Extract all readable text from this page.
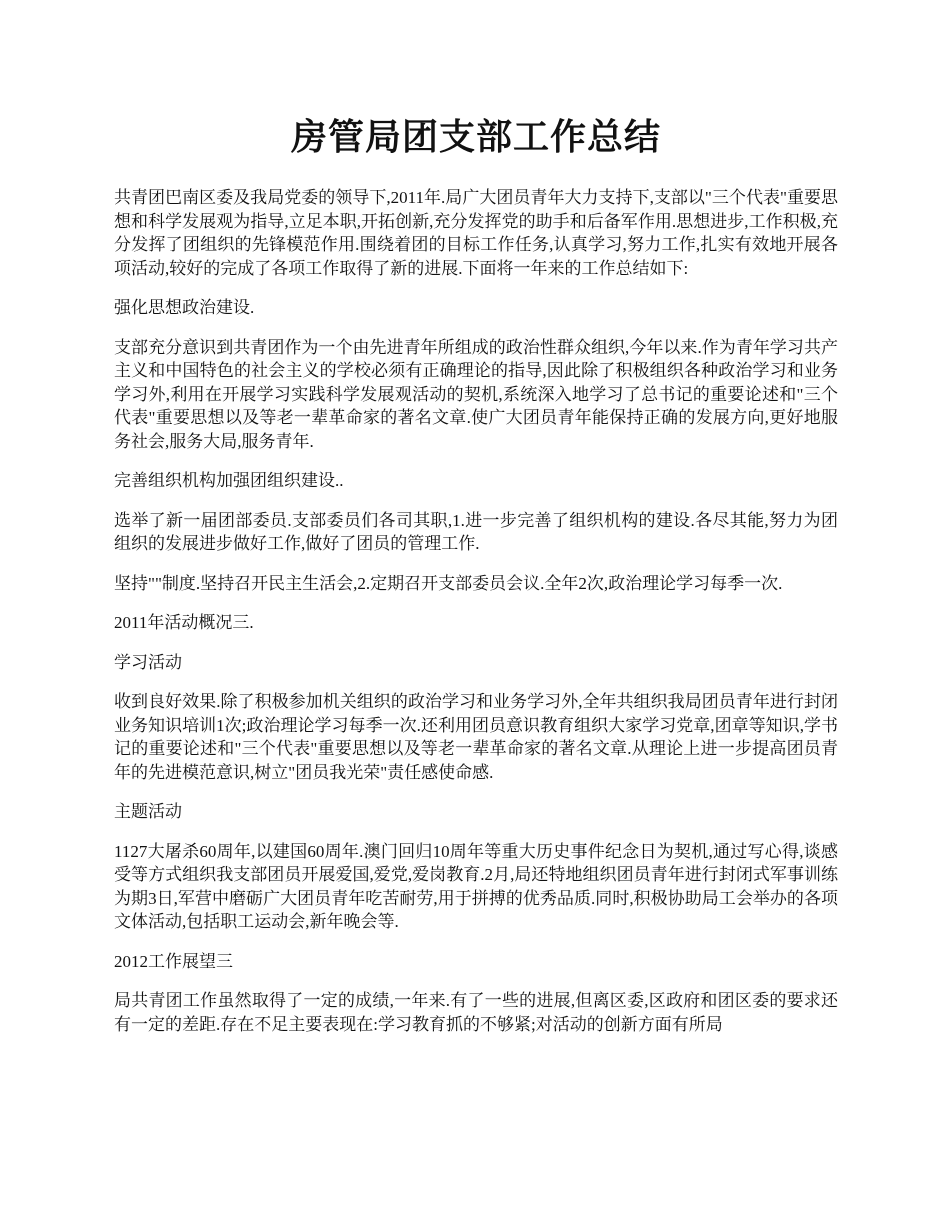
房管局团支部工作总结

共青团巴南区委及我局党委的领导下,2011年.局广大团员青年大力支持下,支部以"三个代表"重要思想和科学发展观为指导,立足本职,开拓创新,充分发挥党的助手和后备军作用.思想进步,工作积极,充分发挥了团组织的先锋模范作用.围绕着团的目标工作任务,认真学习,努力工作,扎实有效地开展各项活动,较好的完成了各项工作取得了新的进展.下面将一年来的工作总结如下:

强化思想政治建设.

支部充分意识到共青团作为一个由先进青年所组成的政治性群众组织,今年以来.作为青年学习共产主义和中国特色的社会主义的学校必须有正确理论的指导,因此除了积极组织各种政治学习和业务学习外,利用在开展学习实践科学发展观活动的契机,系统深入地学习了总书记的重要论述和"三个代表"重要思想以及等老一辈革命家的著名文章.使广大团员青年能保持正确的发展方向,更好地服务社会,服务大局,服务青年.

完善组织机构加强团组织建设..

选举了新一届团部委员.支部委员们各司其职,1.进一步完善了组织机构的建设.各尽其能,努力为团组织的发展进步做好工作,做好了团员的管理工作.

坚持""制度.坚持召开民主生活会,2.定期召开支部委员会议.全年2次,政治理论学习每季一次.

2011年活动概况三.

学习活动

收到良好效果.除了积极参加机关组织的政治学习和业务学习外,全年共组织我局团员青年进行封闭业务知识培训1次;政治理论学习每季一次.还利用团员意识教育组织大家学习党章,团章等知识,学书记的重要论述和"三个代表"重要思想以及等老一辈革命家的著名文章.从理论上进一步提高团员青年的先进模范意识,树立"团员我光荣"责任感使命感.

主题活动

1127大屠杀60周年,以建国60周年.澳门回归10周年等重大历史事件纪念日为契机,通过写心得,谈感受等方式组织我支部团员开展爱国,爱党,爱岗教育.2月,局还特地组织团员青年进行封闭式军事训练为期3日,军营中磨砺广大团员青年吃苦耐劳,用于拼搏的优秀品质.同时,积极协助局工会举办的各项文体活动,包括职工运动会,新年晚会等.

2012工作展望三

局共青团工作虽然取得了一定的成绩,一年来.有了一些的进展,但离区委,区政府和团区委的要求还有一定的差距.存在不足主要表现在:学习教育抓的不够紧;对活动的创新方面有所局
